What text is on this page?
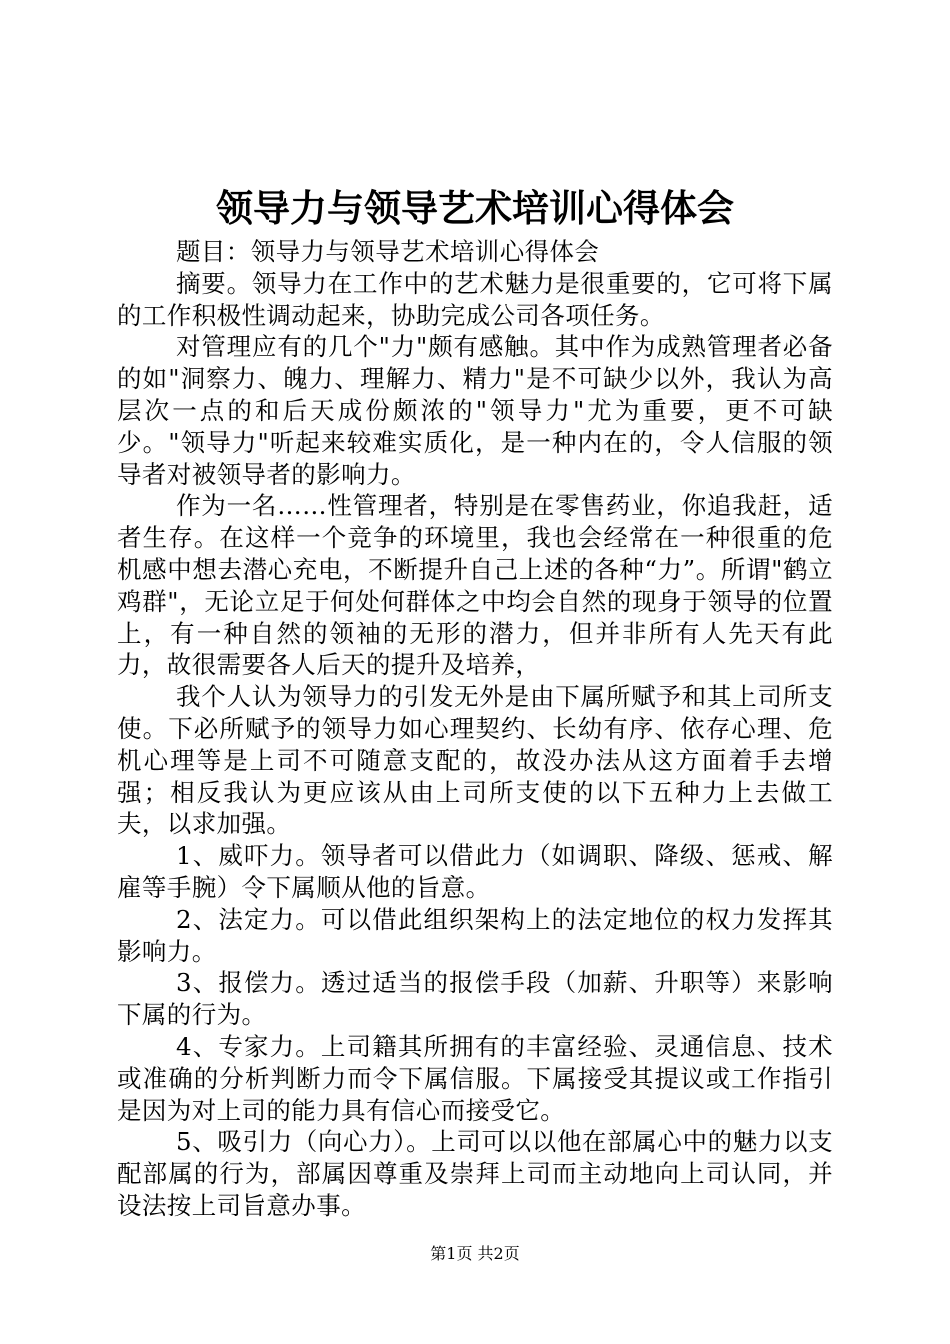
领导力与领导艺术培训心得体会

题目：领导力与领导艺术培训心得体会

摘要。领导力在工作中的艺术魅力是很重要的，它可将下属的工作积极性调动起来，协助完成公司各项任务。

对管理应有的几个"力"颇有感触。其中作为成熟管理者必备的如"洞察力、魄力、理解力、精力"是不可缺少以外，我认为高层次一点的和后天成份颇浓的"领导力"尤为重要，更不可缺少。"领导力"听起来较难实质化，是一种内在的，令人信服的领导者对被领导者的影响力。

作为一名……性管理者，特别是在零售药业，你追我赶，适者生存。在这样一个竞争的环境里，我也会经常在一种很重的危机感中想去潜心充电，不断提升自己上述的各种“力”。所谓"鹤立鸡群"，无论立足于何处何群体之中均会自然的现身于领导的位置上，有一种自然的领袖的无形的潜力，但并非所有人先天有此力，故很需要各人后天的提升及培养，

我个人认为领导力的引发无外是由下属所赋予和其上司所支使。下必所赋予的领导力如心理契约、长幼有序、依存心理、危机心理等是上司不可随意支配的，故没办法从这方面着手去增强；相反我认为更应该从由上司所支使的以下五种力上去做工夫，以求加强。

1、威吓力。领导者可以借此力（如调职、降级、惩戒、解雇等手腕）令下属顺从他的旨意。

2、法定力。可以借此组织架构上的法定地位的权力发挥其影响力。

3、报偿力。透过适当的报偿手段（加薪、升职等）来影响下属的行为。

4、专家力。上司籍其所拥有的丰富经验、灵通信息、技术或准确的分析判断力而令下属信服。下属接受其提议或工作指引是因为对上司的能力具有信心而接受它。

5、吸引力（向心力）。上司可以以他在部属心中的魅力以支配部属的行为，部属因尊重及崇拜上司而主动地向上司认同，并设法按上司旨意办事。

第1页 共2页
